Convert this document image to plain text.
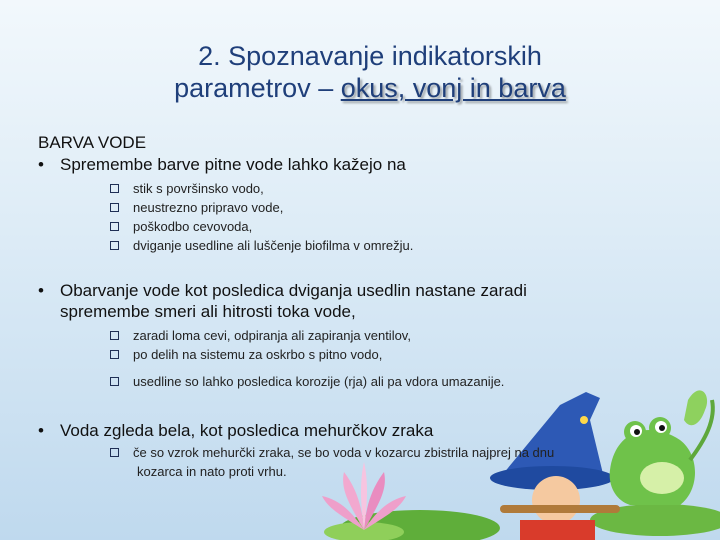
2. Spoznavanje indikatorskih
parametrov – okus, vonj in barva
BARVA VODE
• Spremembe barve pitne vode lahko kažejo na
stik s površinsko vodo,
neustrezno pripravo vode,
poškodbo cevovoda,
dviganje usedline ali luščenje biofilma v omrežju.
• Obarvanje vode kot posledica dviganja usedlin nastane zaradi
spremembe smeri ali hitrosti toka vode,
zaradi loma cevi, odpiranja ali zapiranja ventilov,
po delih na sistemu za oskrbo s pitno vodo,
usedline so lahko posledica korozije (rja) ali pa vdora umazanije.
• Voda zgleda bela, kot posledica mehurčkov zraka
če so vzrok mehurčki zraka, se bo voda v kozarcu zbistrila najprej na dnu
kozarca in nato proti vrhu.
